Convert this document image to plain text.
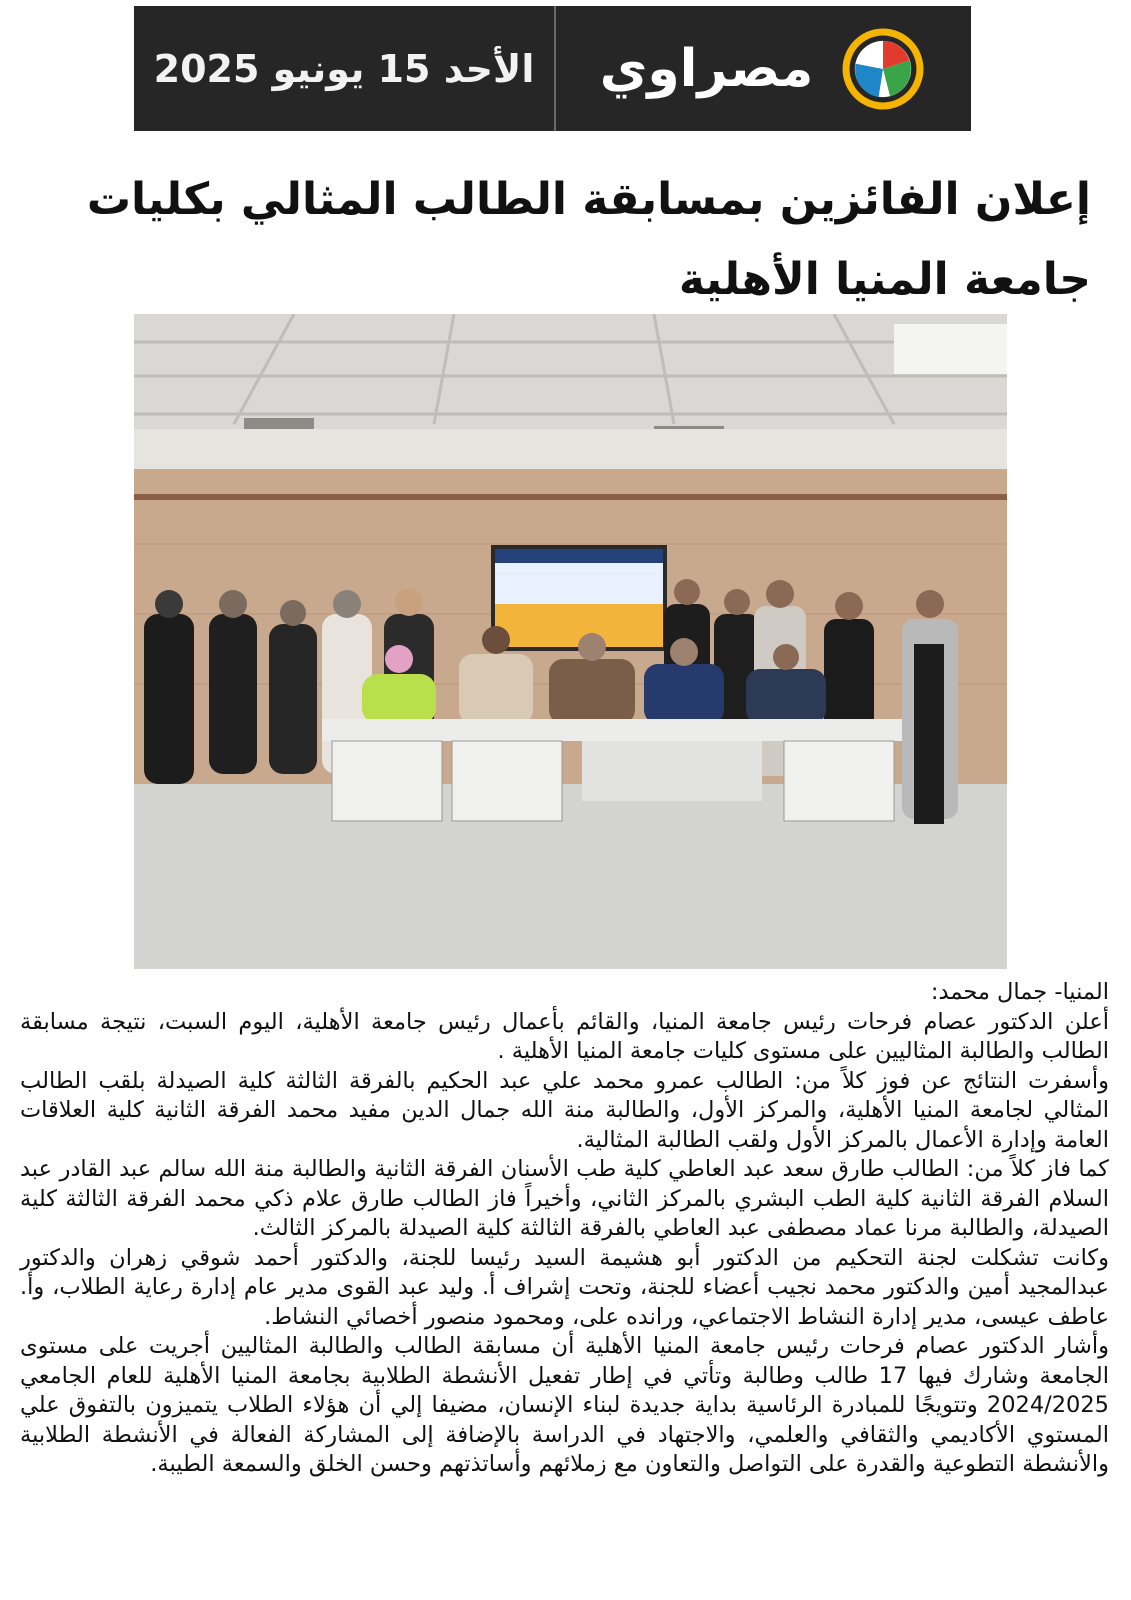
الأحد 15 يونيو 2025	مصراوي
إعلان الفائزين بمسابقة الطالب المثالي بكليات جامعة المنيا الأهلية

المنيا- جمال محمد:

أعلن الدكتور عصام فرحات رئيس جامعة المنيا، والقائم بأعمال رئيس جامعة الأهلية، اليوم السبت، نتيجة مسابقة الطالب والطالبة المثاليين على مستوى كليات جامعة المنيا الأهلية .

وأسفرت النتائج عن فوز كلاً من: الطالب عمرو محمد علي عبد الحكيم بالفرقة الثالثة كلية الصيدلة بلقب الطالب المثالي لجامعة المنيا الأهلية، والمركز الأول، والطالبة منة الله جمال الدين مفيد محمد الفرقة الثانية كلية العلاقات العامة وإدارة الأعمال بالمركز الأول ولقب الطالبة المثالية.

كما فاز كلاً من: الطالب طارق سعد عبد العاطي كلية طب الأسنان الفرقة الثانية والطالبة منة الله سالم عبد القادر عبد السلام الفرقة الثانية كلية الطب البشري بالمركز الثاني، وأخيراً فاز الطالب طارق علام ذكي محمد الفرقة الثالثة كلية الصيدلة، والطالبة مرنا عماد مصطفى عبد العاطي بالفرقة الثالثة كلية الصيدلة بالمركز الثالث.

وكانت تشكلت لجنة التحكيم من الدكتور أبو هشيمة السيد رئيسا للجنة، والدكتور أحمد شوقي زهران والدكتور عبدالمجيد أمين والدكتور محمد نجيب أعضاء للجنة، وتحت إشراف أ. وليد عبد القوى مدير عام إدارة رعاية الطلاب، وأ. عاطف عيسى، مدير إدارة النشاط الاجتماعي، ورانده على، ومحمود منصور أخصائي النشاط.

وأشار الدكتور عصام فرحات رئيس جامعة المنيا الأهلية أن مسابقة الطالب والطالبة المثاليين أجريت على مستوى الجامعة وشارك فيها 17 طالب وطالبة وتأتي في إطار تفعيل الأنشطة الطلابية بجامعة المنيا الأهلية للعام الجامعي 2024/2025 وتتويجًا للمبادرة الرئاسية بداية جديدة لبناء الإنسان، مضيفا إلي أن هؤلاء الطلاب يتميزون بالتفوق علي المستوي الأكاديمي والثقافي والعلمي، والاجتهاد في الدراسة بالإضافة إلى المشاركة الفعالة في الأنشطة الطلابية والأنشطة التطوعية والقدرة على التواصل والتعاون مع زملائهم وأساتذتهم وحسن الخلق والسمعة الطيبة.
